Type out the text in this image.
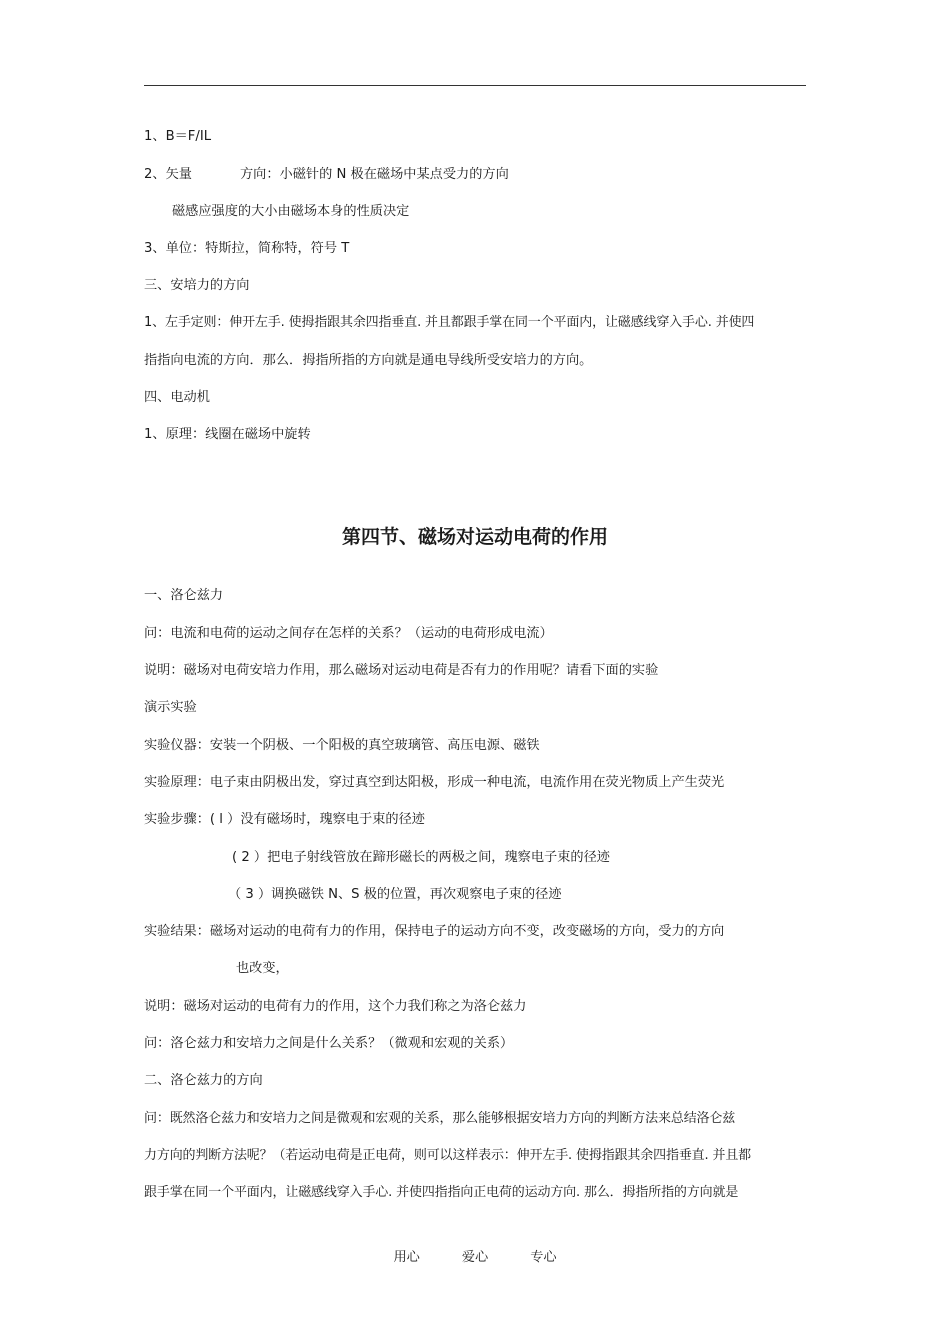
1、B＝F/IL
2、矢量	方向：小磁针的 N 极在磁场中某点受力的方向
磁感应强度的大小由磁场本身的性质决定
3、单位：特斯拉，简称特，符号 T
三、安培力的方向
1、左手定则：伸开左手. 使拇指跟其余四指垂直. 并且都跟手掌在同一个平面内，让磁感线穿入手心. 并使四
指指向电流的方向．那么．拇指所指的方向就是通电导线所受安培力的方向。
四、电动机
1、原理：线圈在磁场中旋转
第四节、磁场对运动电荷的作用
一、洛仑兹力
问：电流和电荷的运动之间存在怎样的关系？（运动的电荷形成电流）
说明：磁场对电荷安培力作用，那么磁场对运动电荷是否有力的作用呢？请看下面的实验
演示实验
实验仪器：安装一个阴极、一个阳极的真空玻璃管、高压电源、磁铁
实验原理：电子束由阴极出发，穿过真空到达阳极，形成一种电流，电流作用在荧光物质上产生荧光
实验步骤：( l ）没有磁场时，瑰察电于束的径迹
( 2 ）把电子射线管放在蹄形磁长的两极之间，瑰察电子束的径迹
（ 3 ）调换磁铁 N、S 极的位置，再次观察电子束的径迹
实验结果：磁场对运动的电荷有力的作用，保持电子的运动方向不变，改变磁场的方向，受力的方向
也改变，
说明：磁场对运动的电荷有力的作用，这个力我们称之为洛仑兹力
问：洛仑兹力和安培力之间是什么关系？（微观和宏观的关系）
二、洛仑兹力的方向
问：既然洛仑兹力和安培力之间是微观和宏观的关系，那么能够根据安培力方向的判断方法来总结洛仑兹
力方向的判断方法呢？（若运动电荷是正电荷，则可以这样表示：伸开左手. 使拇指跟其余四指垂直. 并且都
跟手掌在同一个平面内，让磁感线穿入手心. 并使四指指向正电荷的运动方向. 那么．拇指所指的方向就是
用心	爱心	专心
